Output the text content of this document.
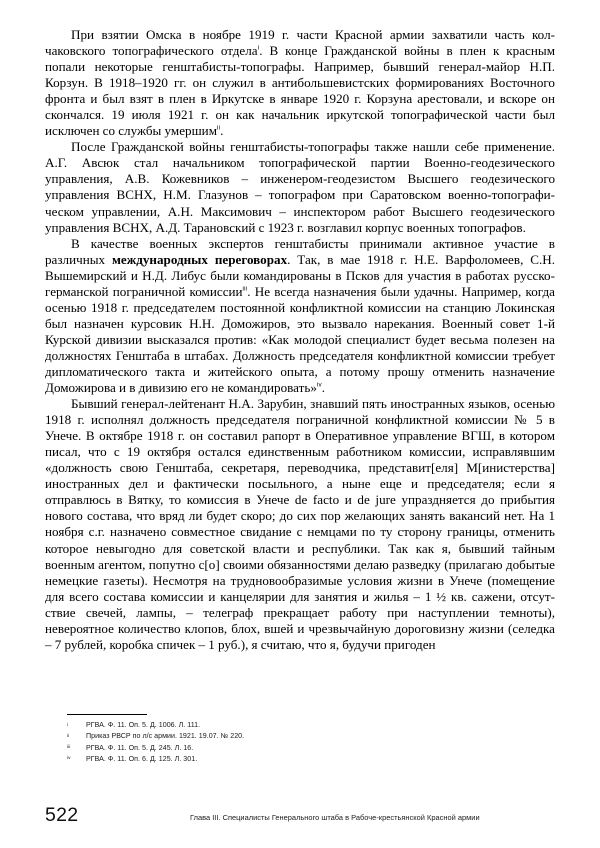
При взятии Омска в ноябре 1919 г. части Красной армии захватили часть колчаковского топографического отдела$^i$. В конце Гражданской войны в плен к красным попали некоторые генштабисты-топографы. Например, бывший генерал-майор Н.П. Корзун. В 1918–1920 гг. он служил в антибольшевистских формированиях Восточного фронта и был взят в плен в Иркутске в январе 1920 г. Корзуна арестовали, и вскоре он скончался. 19 июля 1921 г. он как начальник иркутской топографической части был исключен со службы умершим$^{ii}$.

После Гражданской войны генштабисты-топографы также нашли себе применение. А.Г. Авсюк стал начальником топографической партии Военно-геодезического управления, А.В. Кожевников – инженером-геодезистом Высшего геодезического управления ВСНХ, Н.М. Глазунов – топографом при Саратовском военно-топографическом управлении, А.Н. Максимович – инспектором работ Высшего геодезического управления ВСНХ, А.Д. Тарановский с 1923 г. возглавил корпус военных топографов.

В качестве военных экспертов генштабисты принимали активное участие в различных международных переговорах. Так, в мае 1918 г. Н.Е. Варфоломеев, С.Н. Вышемирский и Н.Д. Либус были командированы в Псков для участия в работах русско-германской пограничной комиссии$^{iii}$. Не всегда назначения были удачны. Например, когда осенью 1918 г. председателем постоянной конфликтной комиссии на станцию Локинская был назначен курсовик Н.Н. Доможиров, это вызвало нарекания. Военный совет 1-й Курской дивизии высказался против: «Как молодой специалист будет весьма полезен на должностях Генштаба в штабах. Должность председателя конфликтной комиссии требует дипломатического такта и житейского опыта, а потому прошу отменить назначение Доможирова и в дивизию его не командировать»$^{iv}$.

Бывший генерал-лейтенант Н.А. Зарубин, знавший пять иностранных языков, осенью 1918 г. исполнял должность председателя пограничной конфликтной комиссии № 5 в Унече. В октябре 1918 г. он составил рапорт в Оперативное управление ВГШ, в котором писал, что с 19 октября остался единственным работником комиссии, исправлявшим «должность свою Генштаба, секретаря, переводчика, представит[еля] М[инистерства] иностранных дел и фактически посыльного, а ныне еще и председателя; если я отправлюсь в Вятку, то комиссия в Унече de facto и de jure упраздняется до прибытия нового состава, что вряд ли будет скоро; до сих пор желающих занять вакансий нет. На 1 ноября с.г. назначено совместное свидание с немцами по ту сторону границы, отменить которое невыгодно для советской власти и республики. Так как я, бывший тайным военным агентом, попутно с[о] своими обязанностями делаю разведку (прилагаю добытые немецкие газеты). Несмотря на трудновообразимые условия жизни в Унече (помещение для всего состава комиссии и канцелярии для занятия и жилья – 1 ½ кв. сажени, отсутствие свечей, лампы, – телеграф прекращает работу при наступлении темноты), невероятное количество клопов, блох, вшей и чрезвычайную дороговизну жизни (селедка – 7 рублей, коробка спичек – 1 руб.), я считаю, что я, будучи пригоден

i	РГВА. Ф. 11. Оп. 5. Д. 1006. Л. 111.
ii Приказ РВСР по л/с армии. 1921. 19.07. № 220.
iii РГВА. Ф. 11. Оп. 5. Д. 245. Л. 16.
iv РГВА. Ф. 11. Оп. 6. Д. 125. Л. 301.
522	Глава III. Специалисты Генерального штаба в Рабоче-крестьянской Красной армии
